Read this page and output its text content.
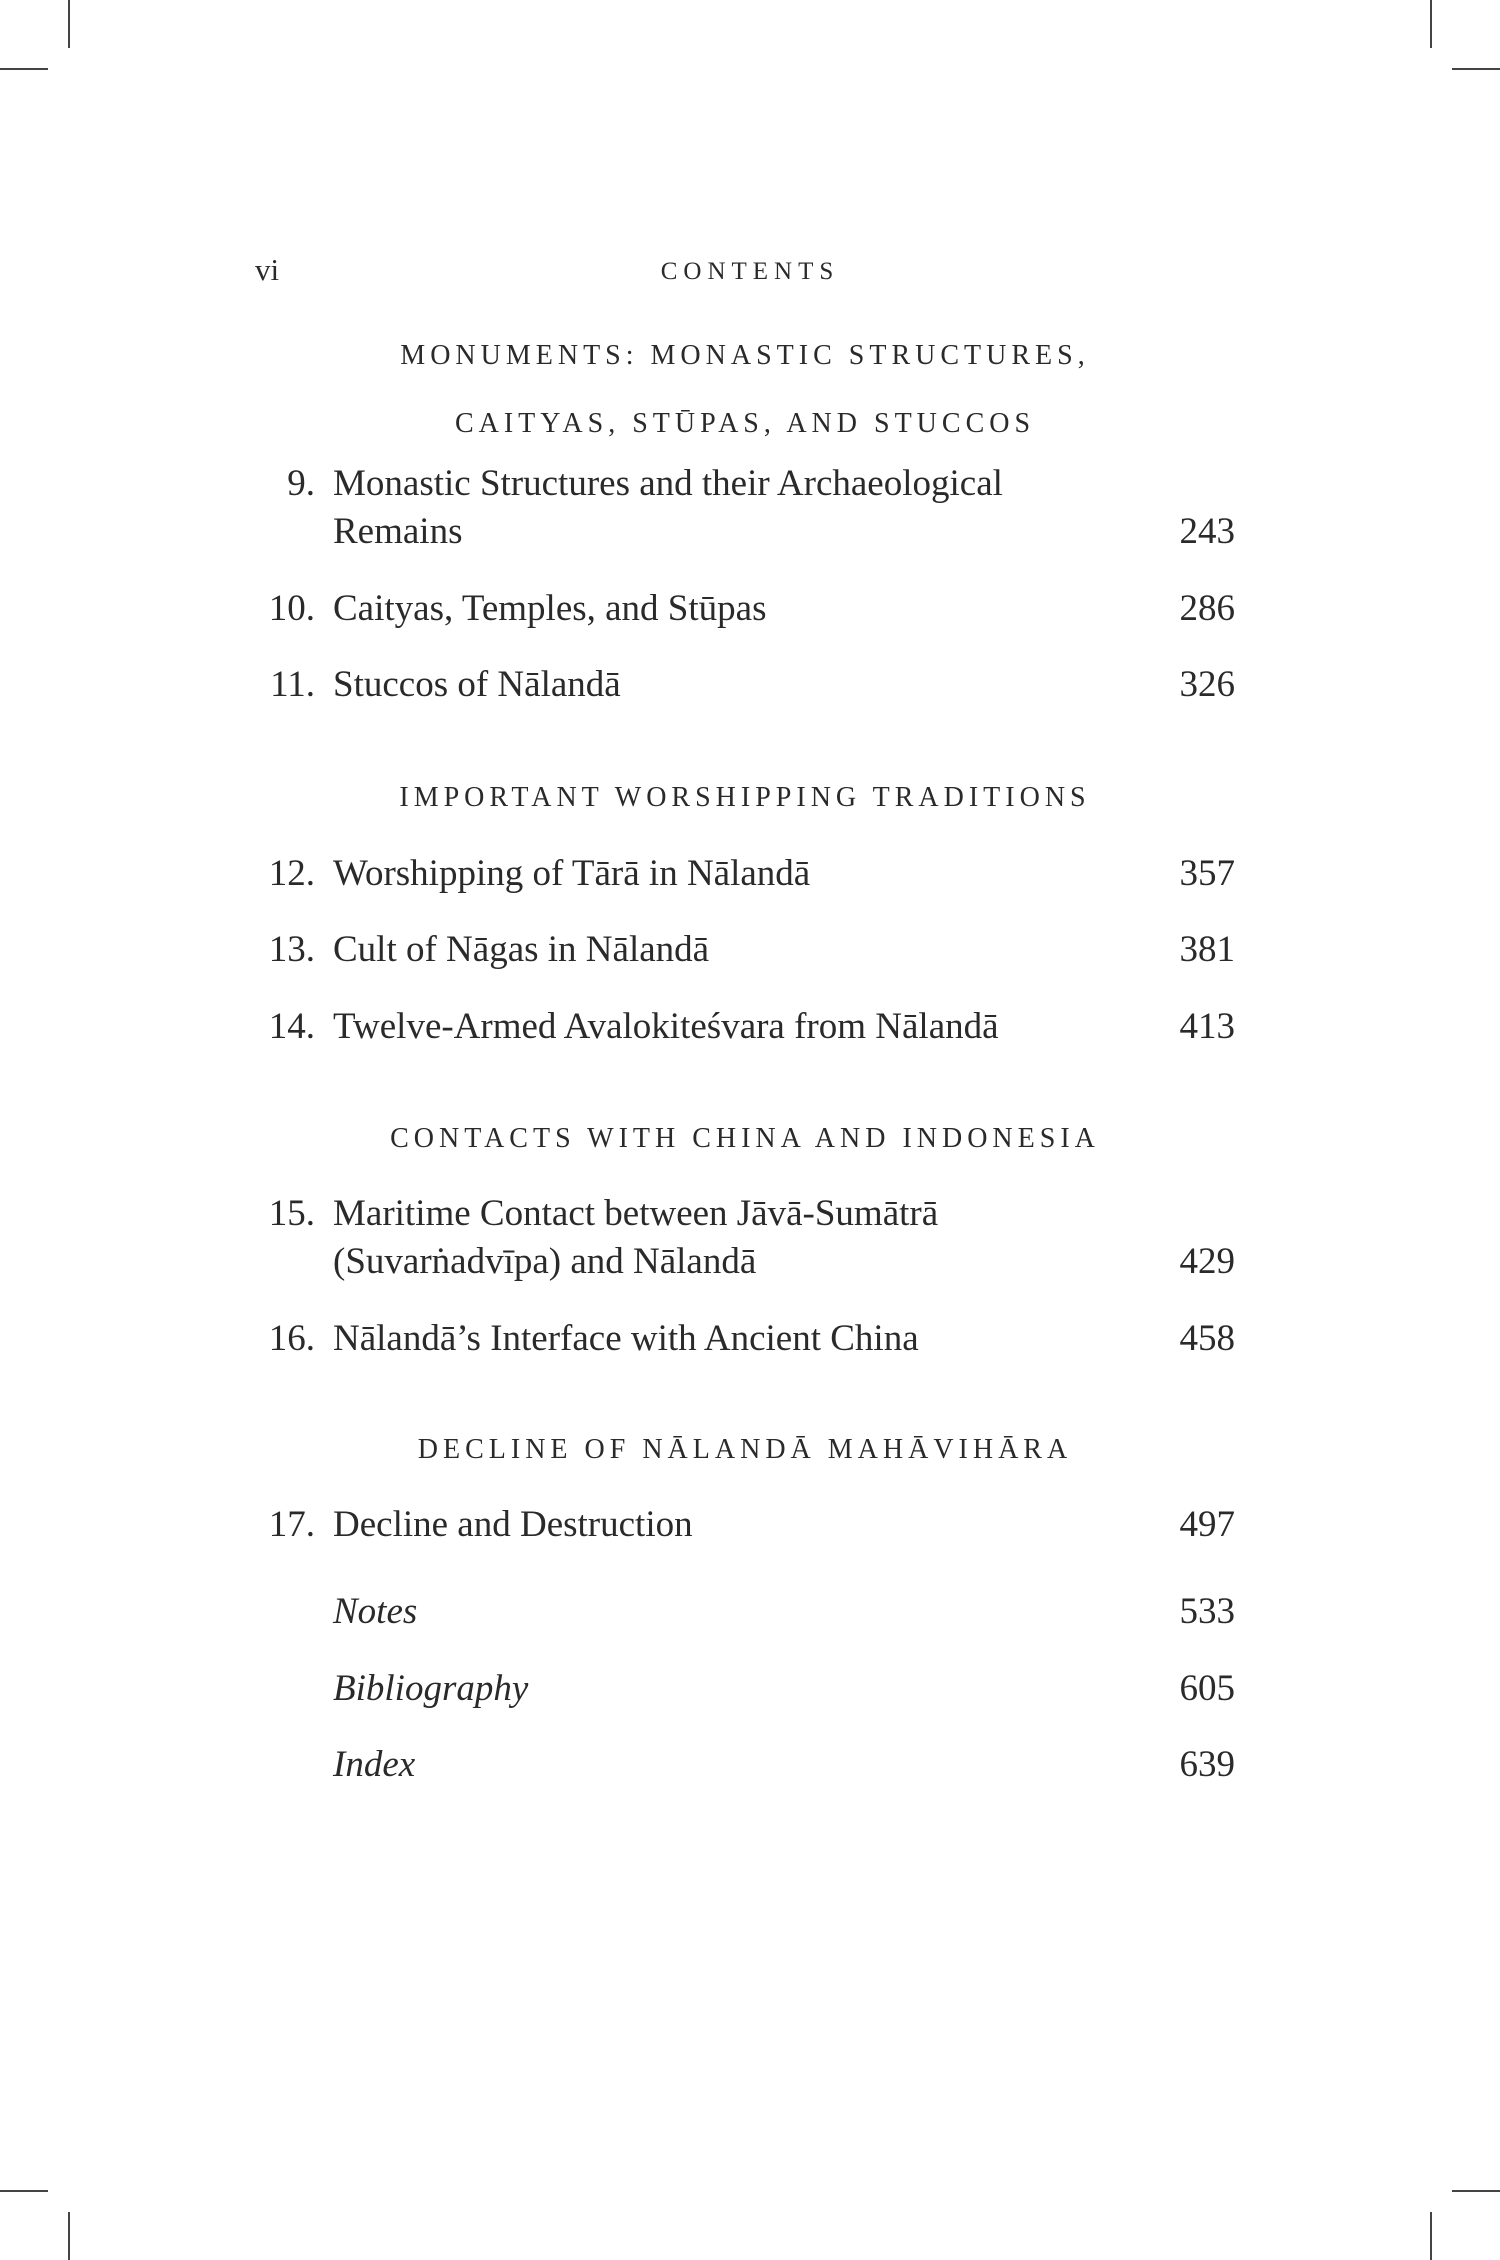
vi	CONTENTS
MONUMENTS: MONASTIC STRUCTURES,
CAITYAS, STŪPAS, AND STUCCOS
9. Monastic Structures and their Archaeological
Remains	243
10. Caityas, Temples, and Stūpas	286
11. Stuccos of Nālandā	326
IMPORTANT WORSHIPPING TRADITIONS
12. Worshipping of Tārā in Nālandā	357
13. Cult of Nāgas in Nālandā	381
14. Twelve-Armed Avalokiteśvara from Nālandā	413
CONTACTS WITH CHINA AND INDONESIA
15. Maritime Contact between Jāvā-Sumātrā
(Suvarṅadvīpa) and Nālandā	429
16. Nālandā’s Interface with Ancient China	458
DECLINE OF NĀLANDĀ MAHĀVIHĀRA
17. Decline and Destruction	497
Notes	533
Bibliography	605
Index	639
